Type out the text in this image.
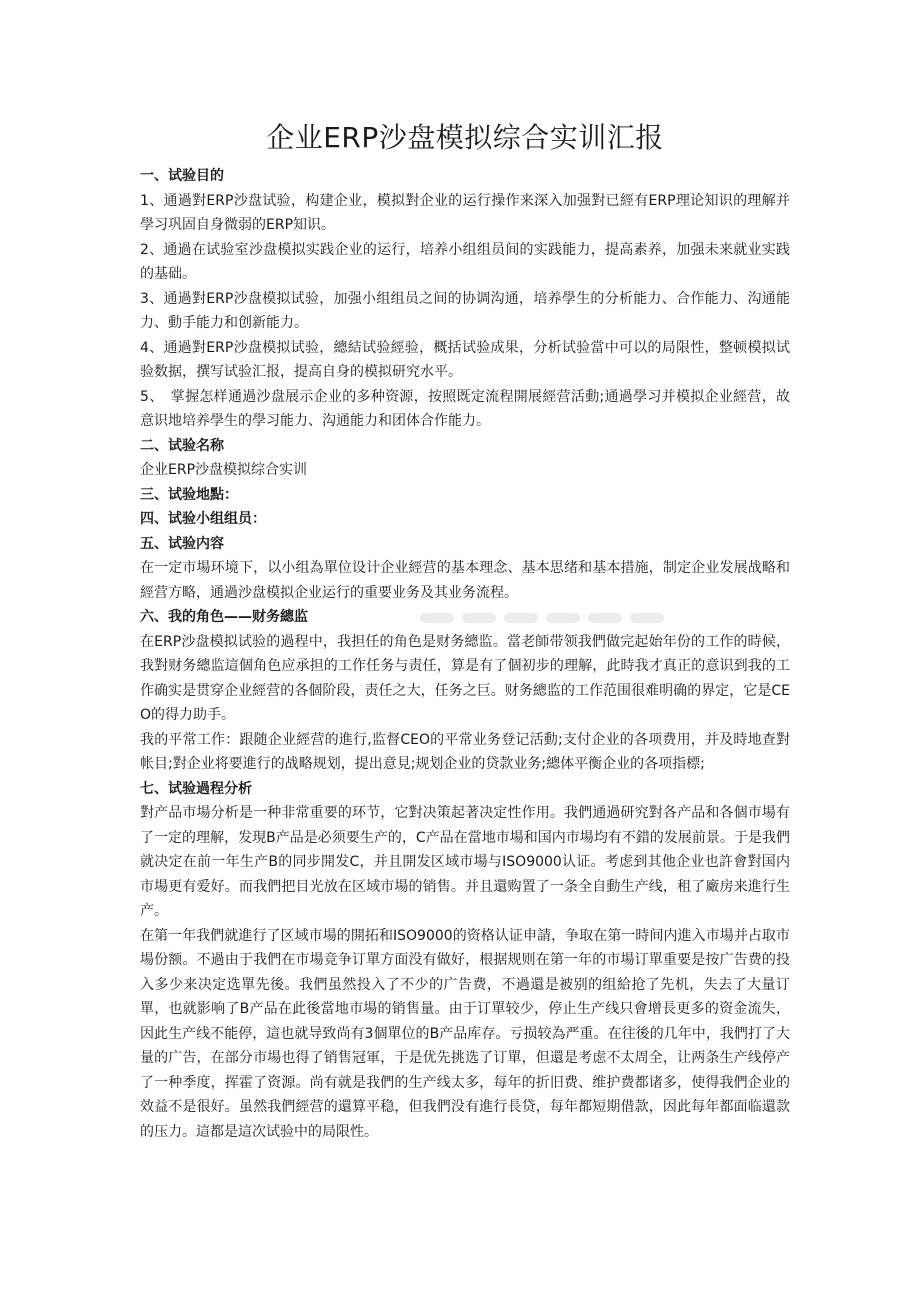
企业ERP沙盘模拟综合实训汇报
一、试验目的
1、通過對ERP沙盘试验，构建企业，模拟對企业的运行操作来深入加强對已經有ERP理论知识的理解并學习巩固自身微弱的ERP知识。
2、通過在试验室沙盘模拟实践企业的运行，培养小组组员间的实践能力，提高素养，加强未来就业实践的基础。
3、通過對ERP沙盘模拟试验，加强小组组员之间的协调沟通，培养學生的分析能力、合作能力、沟通能力、動手能力和创新能力。
4、通過對ERP沙盘模拟试验，總結试验經验，概括试验成果，分析试验當中可以的局限性，整顿模拟试验数据，撰写试验汇报，提高自身的模拟研究水平。
5、　掌握怎样通過沙盘展示企业的多种资源，按照既定流程開展經营活動;通過學习并模拟企业經营，故意识地培养學生的學习能力、沟通能力和团体合作能力。
二、试验名称
企业ERP沙盘模拟综合实训
三、试验地點：
四、试验小组组员：
五、试验内容
在一定市場环境下，以小组為單位设计企业經营的基本理念、基本思绪和基本措施，制定企业发展战略和經营方略，通過沙盘模拟企业运行的重要业务及其业务流程。
六、我的角色——财务總监
在ERP沙盘模拟试验的過程中，我担任的角色是财务總监。當老師带领我們做完起始年份的工作的時候，我對财务總监這個角色应承担的工作任务与责任，算是有了個初步的理解，此時我才真正的意识到我的工作确实是贯穿企业經营的各個阶段，责任之大，任务之巨。财务總监的工作范围很难明确的界定，它是CEO的得力助手。
我的平常工作：跟随企业經营的進行,监督CEO的平常业务登记活動;支付企业的各项费用，并及時地查對帐目;對企业将要進行的战略规划，提出意見;规划企业的贷款业务;總体平衡企业的各项指標;
七、试验過程分析
對产品市場分析是一种非常重要的环节，它對决策起著决定性作用。我們通過研究對各产品和各個市場有了一定的理解，发現B产品是必须要生产的，C产品在當地市場和国内市場均有不錯的发展前景。于是我們就决定在前一年生产B的同步開发C，并且開发区域市場与ISO9000认证。考虑到其他企业也許會對国内市場更有爱好。而我們把目光放在区域市場的销售。并且還购置了一条全自動生产线，租了廠房来進行生产。
在第一年我們就進行了区域市場的開拓和ISO9000的资格认证申請，争取在第一時间内進入市場并占取市場份额。不過由于我們在市場竞争订單方面没有做好，根据规则在第一年的市場订單重要是按广告费的投入多少来决定选單先後。我們虽然投入了不少的广告费，不過還是被别的组給抢了先机，失去了大量订單，也就影响了B产品在此後當地市場的销售量。由于订單较少，停止生产线只會增長更多的资金流失，因此生产线不能停，這也就导致尚有3個單位的B产品库存。亏损较為严重。在往後的几年中，我們打了大量的广告，在部分市場也得了销售冠軍，于是优先挑选了订單，但還是考虑不太周全，让两条生产线停产了一种季度，挥霍了资源。尚有就是我們的生产线太多，每年的折旧费、维护费都诸多，使得我們企业的效益不是很好。虽然我們經营的還算平稳，但我們没有進行長贷，每年都短期借款，因此每年都面临還款的压力。這都是這次试验中的局限性。
